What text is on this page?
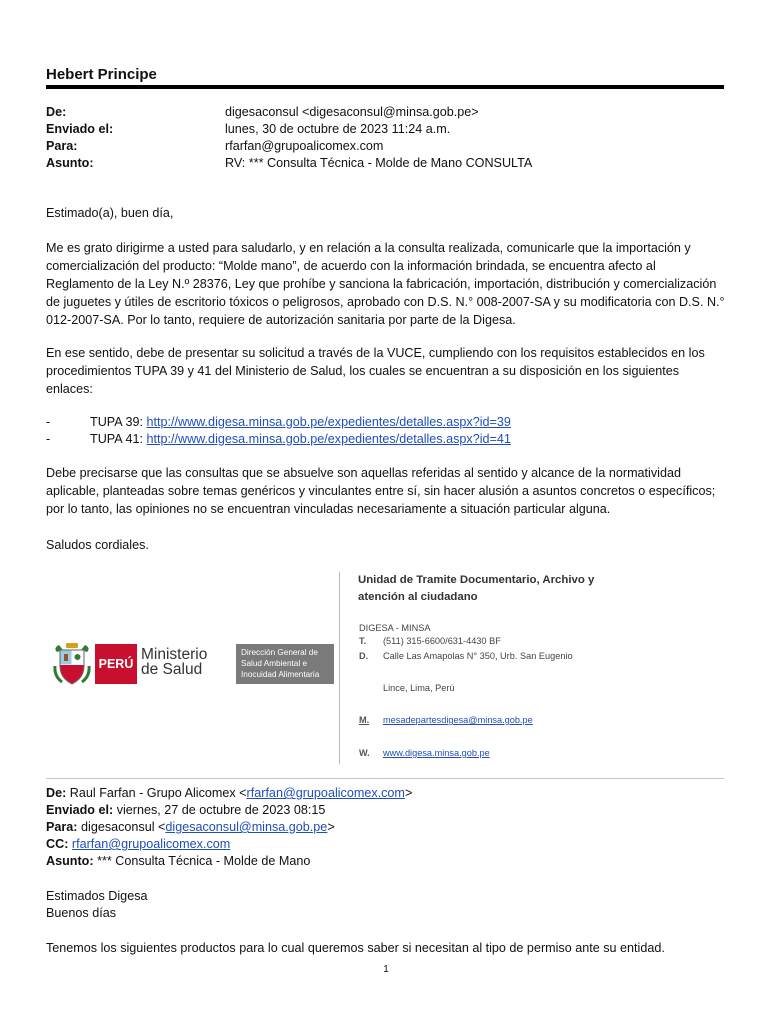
Hebert Principe
De:	digesaconsul <digesaconsul@minsa.gob.pe>
Enviado el:	lunes, 30 de octubre de 2023 11:24 a.m.
Para:	rfarfan@grupoalicomex.com
Asunto:	RV: *** Consulta Técnica - Molde de Mano CONSULTA
Estimado(a), buen día,
Me es grato dirigirme a usted para saludarlo, y en relación a la consulta realizada, comunicarle que la importación y
comercialización del producto: “Molde mano”, de acuerdo con la información brindada, se encuentra afecto al
Reglamento de la Ley N.º 28376, Ley que prohíbe y sanciona la fabricación, importación, distribución y comercialización
de juguetes y útiles de escritorio tóxicos o peligrosos, aprobado con D.S. N.° 008-2007-SA y su modificatoria con D.S. N.°
012-2007-SA. Por lo tanto, requiere de autorización sanitaria por parte de la Digesa.
En ese sentido, debe de presentar su solicitud a través de la VUCE, cumpliendo con los requisitos establecidos en los
procedimientos TUPA 39 y 41 del Ministerio de Salud, los cuales se encuentran a su disposición en los siguientes
enlaces:
-	TUPA 39: http://www.digesa.minsa.gob.pe/expedientes/detalles.aspx?id=39
-	TUPA 41: http://www.digesa.minsa.gob.pe/expedientes/detalles.aspx?id=41
Debe precisarse que las consultas que se absuelve son aquellas referidas al sentido y alcance de la normatividad
aplicable, planteadas sobre temas genéricos y vinculantes entre sí, sin hacer alusión a asuntos concretos o específicos;
por lo tanto, las opiniones no se encuentran vinculadas necesariamente a situación particular alguna.
Saludos cordiales.
Unidad de Tramite Documentario, Archivo y
atención al ciudadano
DIGESA - MINSA
T. (511) 315-6600/631-4430 BF
D. Calle Las Amapolas N° 350, Urb. San Eugenio
Lince, Lima, Perú
M. mesadepartesdigesa@minsa.gob.pe
W. www.digesa.minsa.gob.pe
PERÚ
Ministerio
de Salud
Dirección General de
Salud Ambiental e
Inocuidad Alimentaria
De: Raul Farfan - Grupo Alicomex <rfarfan@grupoalicomex.com>
Enviado el: viernes, 27 de octubre de 2023 08:15
Para: digesaconsul <digesaconsul@minsa.gob.pe>
CC: rfarfan@grupoalicomex.com
Asunto: *** Consulta Técnica - Molde de Mano
Estimados Digesa
Buenos días
Tenemos los siguientes productos para lo cual queremos saber si necesitan al tipo de permiso ante su entidad.
1
